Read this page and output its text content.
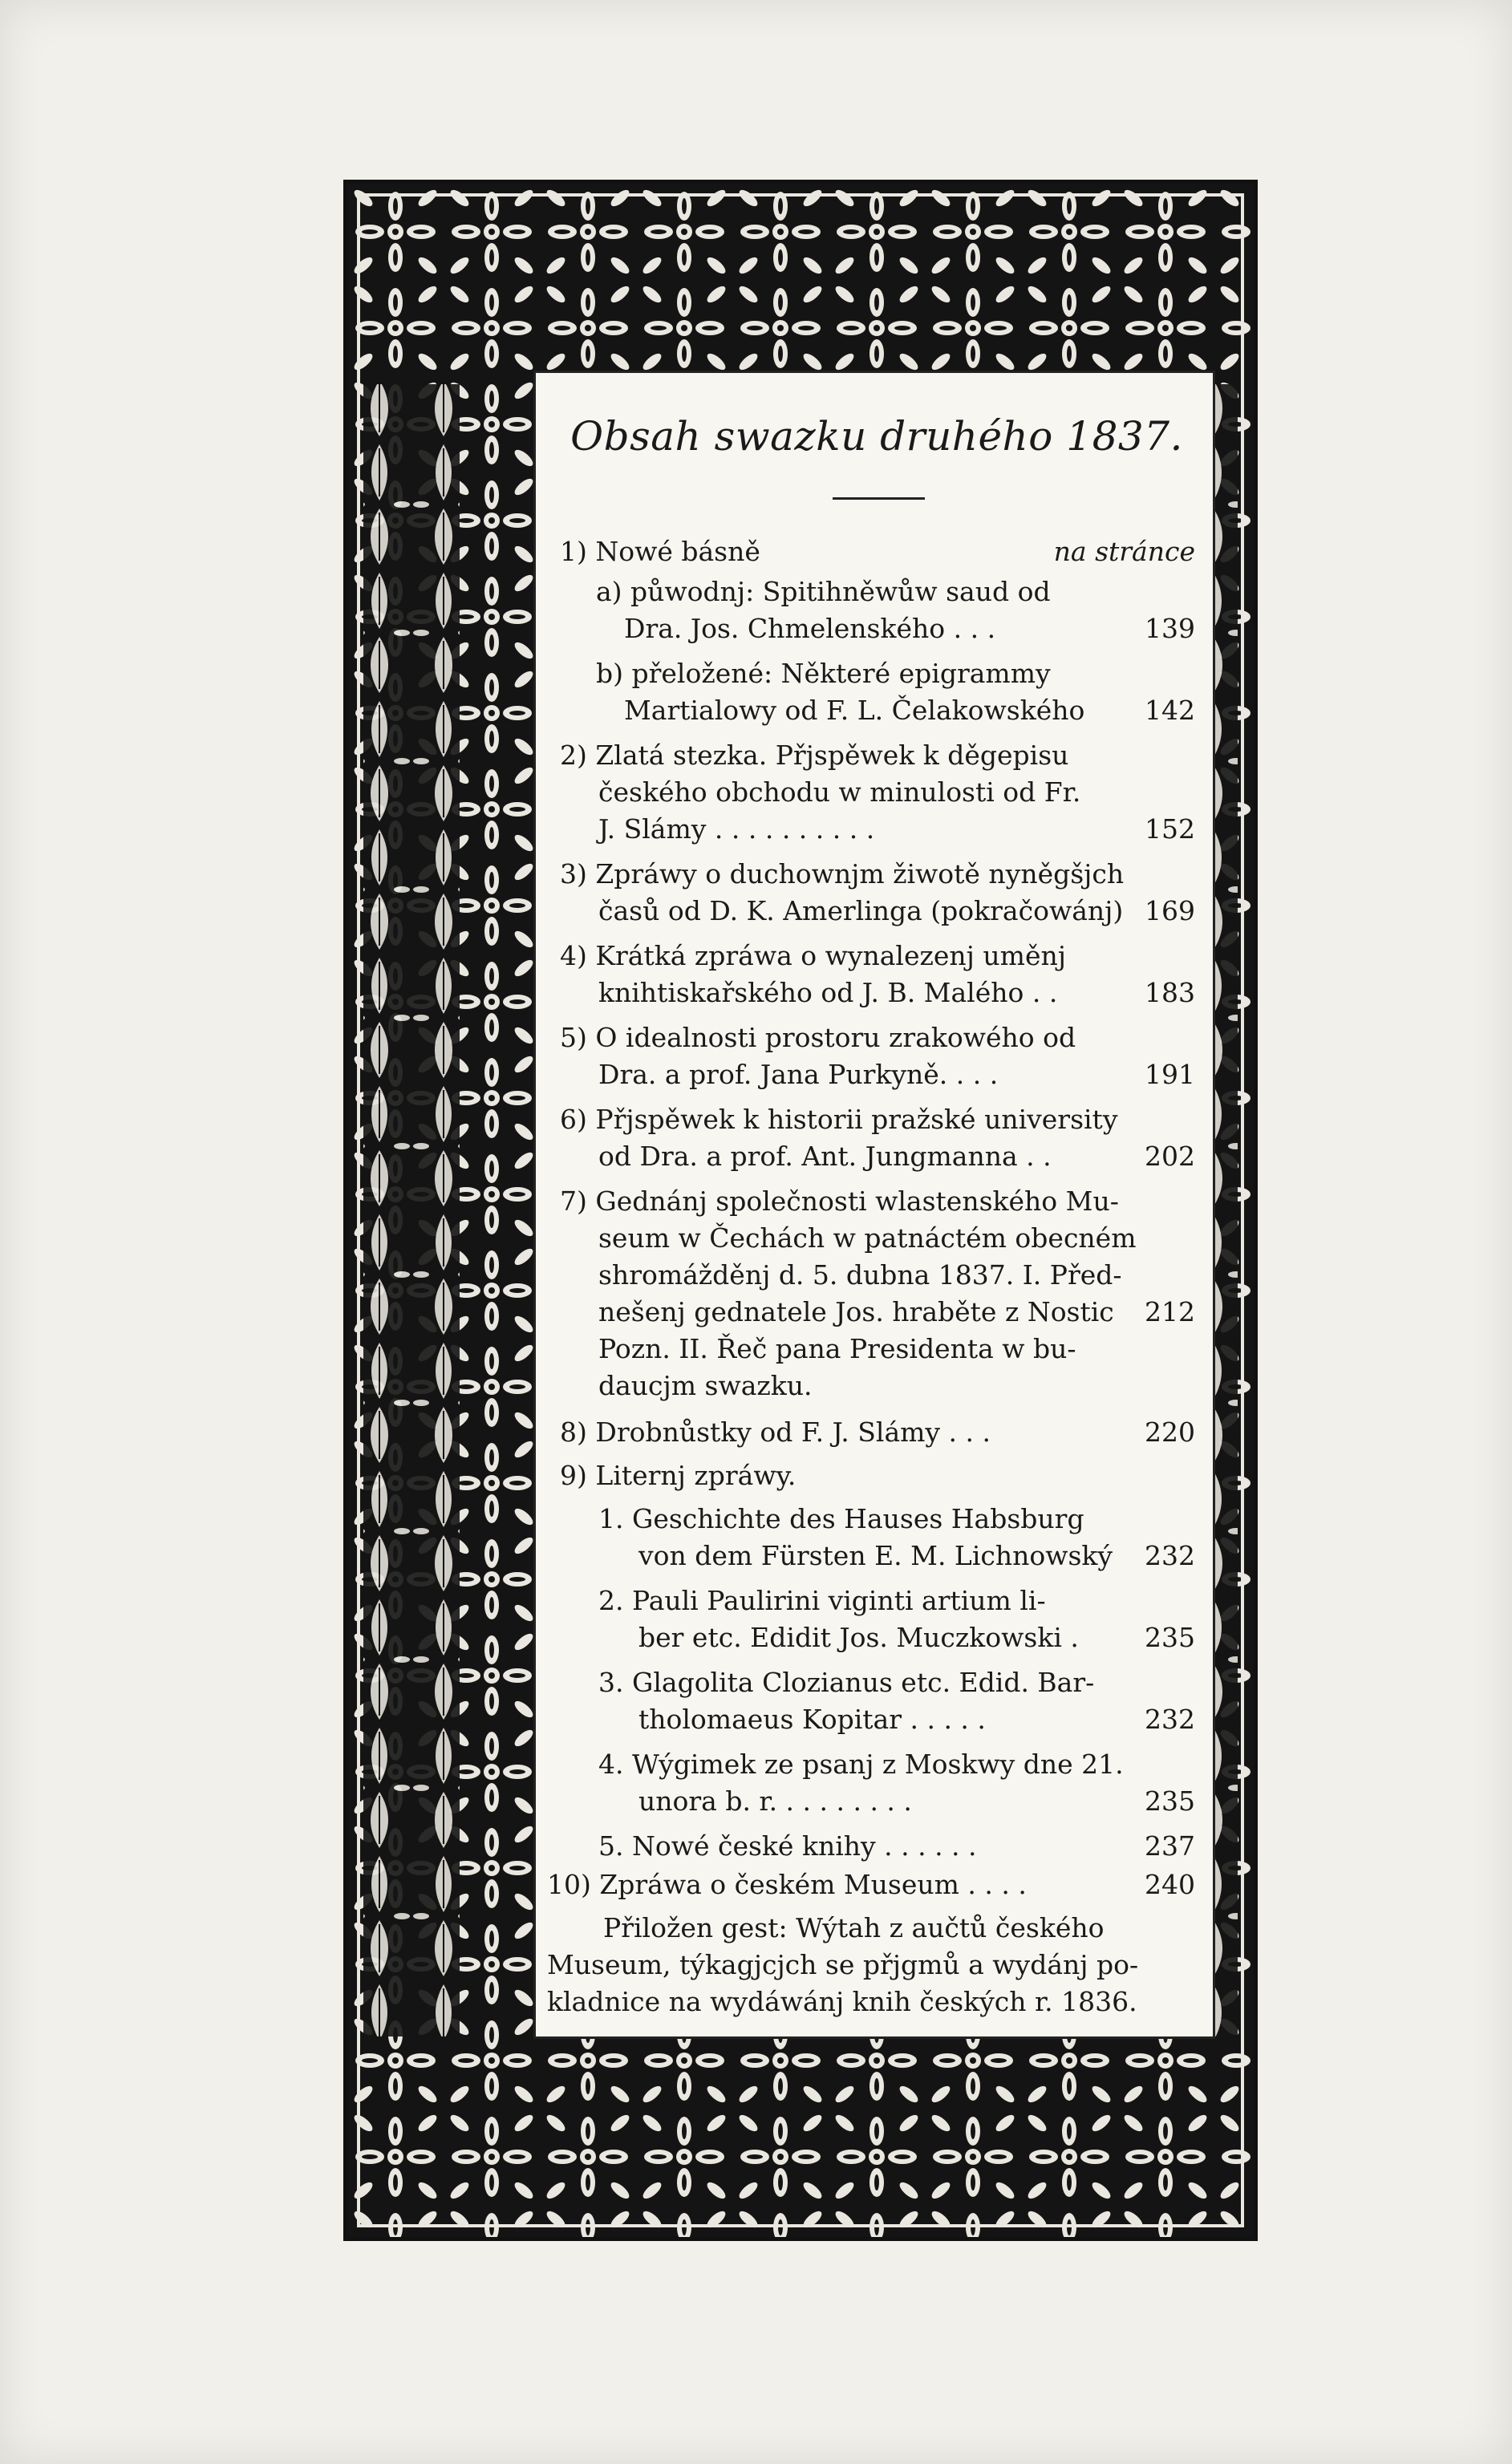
Obsah swazku druhého 1837.
1) Nowé básně	na stránce
a) půwodnj: Spitihněwůw saud od
Dra. Jos. Chmelenského . . .	139
b) přeložené: Některé epigrammy
Martialowy od F. L. Čelakowského 142
2) Zlatá stezka. Přjspěwek k děgepisu
českého obchodu w minulosti od Fr.
J. Slámy . . . . . . . . . .	152
3) Zpráwy o duchownjm žiwotě nyněgšjch
časů od D. K. Amerlinga (pokračowánj) 169
4) Krátká zpráwa o wynalezenj uměnj
knihtiskařského od J. B. Malého . .	183
5) O idealnosti prostoru zrakowého od
Dra. a prof. Jana Purkyně. . . .	191
6) Přjspěwek k historii pražské university
od Dra. a prof. Ant. Jungmanna . .	202
7) Gednánj společnosti wlastenského Mu-
seum w Čechách w patnáctém obecném
shromážděnj d. 5. dubna 1837. I. Před-
nešenj gednatele Jos. hraběte z Nostic 212
Pozn. II. Řeč pana Presidenta w bu-
daucjm swazku.
8) Drobnůstky od F. J. Slámy . . .	220
9) Liternj zpráwy.
1. Geschichte des Hauses Habsburg
von dem Fürsten E. M. Lichnowský 232
2. Pauli Paulirini viginti artium li-
ber etc. Edidit Jos. Muczkowski . 235
3. Glagolita Clozianus etc. Edid. Bar-
tholomaeus Kopitar . . . . .	232
4. Wýgimek ze psanj z Moskwy dne 21.
unora b. r. . . . . . . . .	235
5. Nowé české knihy . . . . . .	237
10) Zpráwa o českém Museum . . . .	240
Přiložen gest: Wýtah z aučtů českého
Museum, týkagjcjch se přjgmů a wydánj po-
kladnice na wydáwánj knih českých r. 1836.
